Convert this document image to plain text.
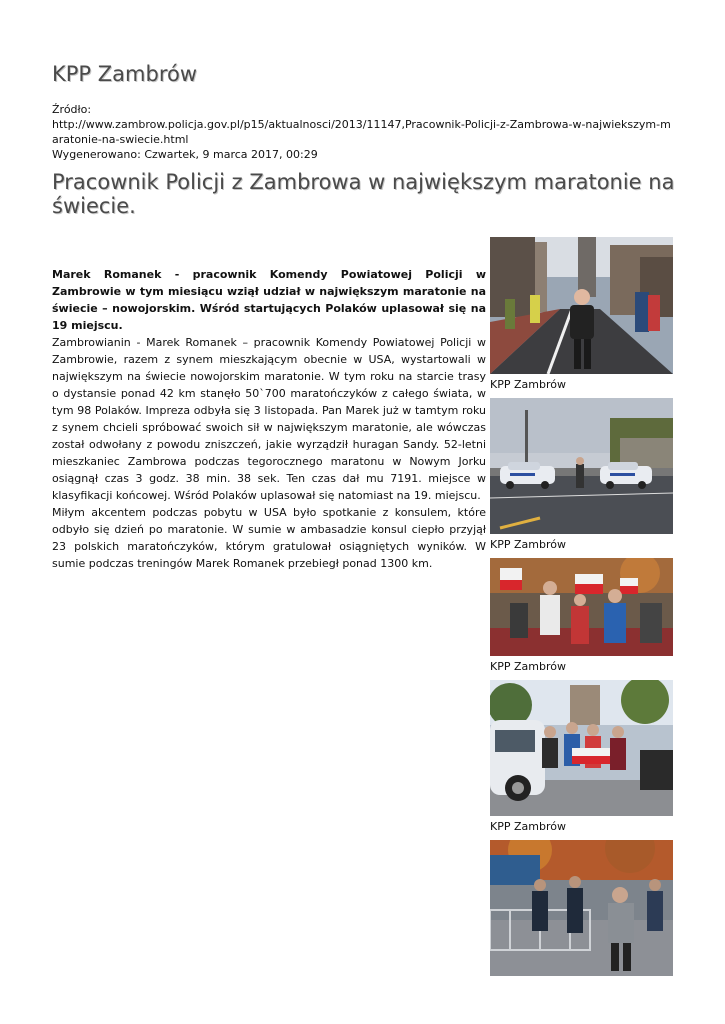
KPP Zambrów
Źródło:
http://www.zambrow.policja.gov.pl/p15/aktualnosci/2013/11147,Pracownik-Policji-z-Zambrowa-w-najwiekszym-maratonie-na-swiecie.html
Wygenerowano: Czwartek, 9 marca 2017, 00:29
Pracownik Policji z Zambrowa w największym maratonie na świecie.

Marek Romanek - pracownik Komendy Powiatowej Policji w Zambrowie w tym miesiącu wziął udział w największym maratonie na świecie – nowojorskim. Wśród startujących Polaków uplasował się na 19 miejscu.

Zambrowianin - Marek Romanek – pracownik Komendy Powiatowej Policji w Zambrowie, razem z synem mieszkającym obecnie w USA, wystartowali w największym na świecie nowojorskim maratonie. W tym roku na starcie trasy o dystansie ponad 42 km stanęło 50`700 maratończyków z całego świata, w tym 98 Polaków. Impreza odbyła się 3 listopada. Pan Marek już w tamtym roku z synem chcieli spróbować swoich sił w największym maratonie, ale wówczas został odwołany z powodu zniszczeń, jakie wyrządził huragan Sandy. 52-letni mieszkaniec Zambrowa podczas tegorocznego maratonu w Nowym Jorku osiągnął czas 3 godz. 38 min. 38 sek. Ten czas dał mu 7191. miejsce w klasyfikacji końcowej. Wśród Polaków uplasował się natomiast na 19. miejscu.

Miłym akcentem podczas pobytu w USA było spotkanie z konsulem, które odbyło się dzień po maratonie. W sumie w ambasadzie konsul ciepło przyjął 23 polskich maratończyków, którym gratulował osiągniętych wyników. W sumie podczas treningów Marek Romanek przebiegł ponad 1300 km.

KPP Zambrów
KPP Zambrów
KPP Zambrów
KPP Zambrów
